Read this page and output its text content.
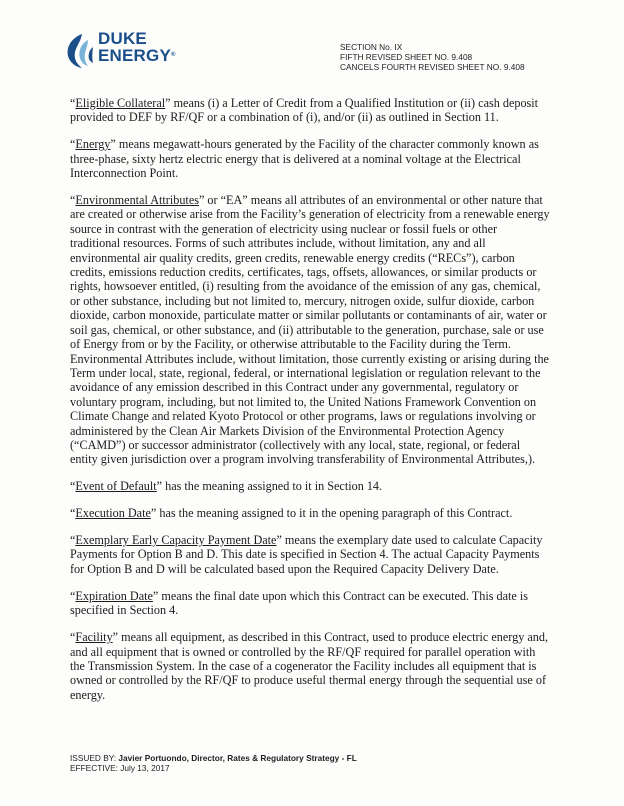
DUKE
ENERGY®
SECTION No. IX
FIFTH REVISED SHEET NO. 9.408
CANCELS FOURTH REVISED SHEET NO. 9.408

“Eligible Collateral” means (i) a Letter of Credit from a Qualified Institution or (ii) cash deposit provided to DEF by RF/QF or a combination of (i), and/or (ii) as outlined in Section 11.

“Energy” means megawatt-hours generated by the Facility of the character commonly known as three-phase, sixty hertz electric energy that is delivered at a nominal voltage at the Electrical Interconnection Point.

“Environmental Attributes” or “EA” means all attributes of an environmental or other nature that are created or otherwise arise from the Facility’s generation of electricity from a renewable energy source in contrast with the generation of electricity using nuclear or fossil fuels or other traditional resources. Forms of such attributes include, without limitation, any and all environmental air quality credits, green credits, renewable energy credits (“RECs”), carbon credits, emissions reduction credits, certificates, tags, offsets, allowances, or similar products or rights, howsoever entitled, (i) resulting from the avoidance of the emission of any gas, chemical, or other substance, including but not limited to, mercury, nitrogen oxide, sulfur dioxide, carbon dioxide, carbon monoxide, particulate matter or similar pollutants or contaminants of air, water or soil gas, chemical, or other substance, and (ii) attributable to the generation, purchase, sale or use of Energy from or by the Facility, or otherwise attributable to the Facility during the Term. Environmental Attributes include, without limitation, those currently existing or arising during the Term under local, state, regional, federal, or international legislation or regulation relevant to the avoidance of any emission described in this Contract under any governmental, regulatory or voluntary program, including, but not limited to, the United Nations Framework Convention on Climate Change and related Kyoto Protocol or other programs, laws or regulations involving or administered by the Clean Air Markets Division of the Environmental Protection Agency (“CAMD”) or successor administrator (collectively with any local, state, regional, or federal entity given jurisdiction over a program involving transferability of Environmental Attributes,).

“Event of Default” has the meaning assigned to it in Section 14.

“Execution Date” has the meaning assigned to it in the opening paragraph of this Contract.

“Exemplary Early Capacity Payment Date” means the exemplary date used to calculate Capacity Payments for Option B and D. This date is specified in Section 4. The actual Capacity Payments for Option B and D will be calculated based upon the Required Capacity Delivery Date.

“Expiration Date” means the final date upon which this Contract can be executed. This date is specified in Section 4.

“Facility” means all equipment, as described in this Contract, used to produce electric energy and, and all equipment that is owned or controlled by the RF/QF required for parallel operation with the Transmission System. In the case of a cogenerator the Facility includes all equipment that is owned or controlled by the RF/QF to produce useful thermal energy through the sequential use of energy.

ISSUED BY: Javier Portuondo, Director, Rates & Regulatory Strategy - FL
EFFECTIVE: July 13, 2017
